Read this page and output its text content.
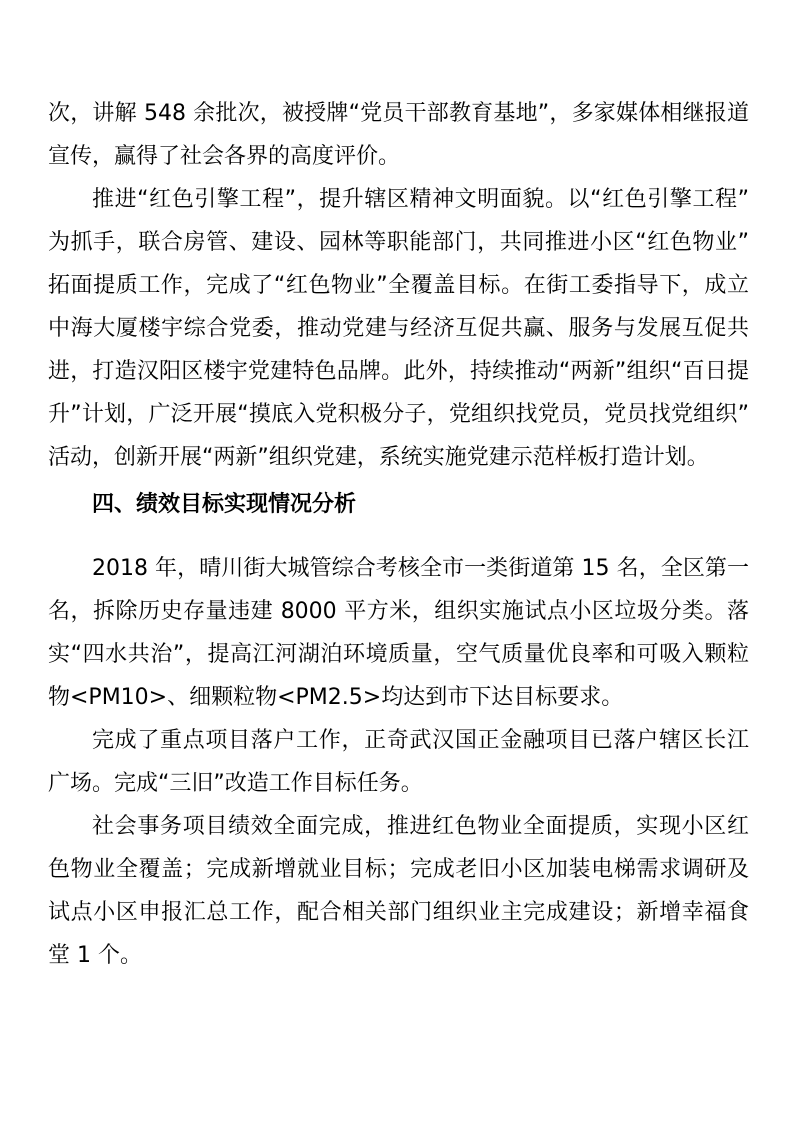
次，讲解 548 余批次，被授牌“党员干部教育基地”，多家媒体相继报道宣传，赢得了社会各界的高度评价。

推进“红色引擎工程”，提升辖区精神文明面貌。以“红色引擎工程”为抓手，联合房管、建设、园林等职能部门，共同推进小区“红色物业”拓面提质工作，完成了“红色物业”全覆盖目标。在街工委指导下，成立中海大厦楼宇综合党委，推动党建与经济互促共赢、服务与发展互促共进，打造汉阳区楼宇党建特色品牌。此外，持续推动“两新”组织“百日提升”计划，广泛开展“摸底入党积极分子，党组织找党员，党员找党组织”活动，创新开展“两新”组织党建，系统实施党建示范样板打造计划。

四、绩效目标实现情况分析

2018 年，晴川街大城管综合考核全市一类街道第 15 名，全区第一名，拆除历史存量违建 8000 平方米，组织实施试点小区垃圾分类。落实“四水共治”，提高江河湖泊环境质量，空气质量优良率和可吸入颗粒物<PM10>、细颗粒物<PM2.5>均达到市下达目标要求。

完成了重点项目落户工作，正奇武汉国正金融项目已落户辖区长江广场。完成“三旧”改造工作目标任务。

社会事务项目绩效全面完成，推进红色物业全面提质，实现小区红色物业全覆盖；完成新增就业目标；完成老旧小区加装电梯需求调研及试点小区申报汇总工作，配合相关部门组织业主完成建设；新增幸福食堂 1 个。
